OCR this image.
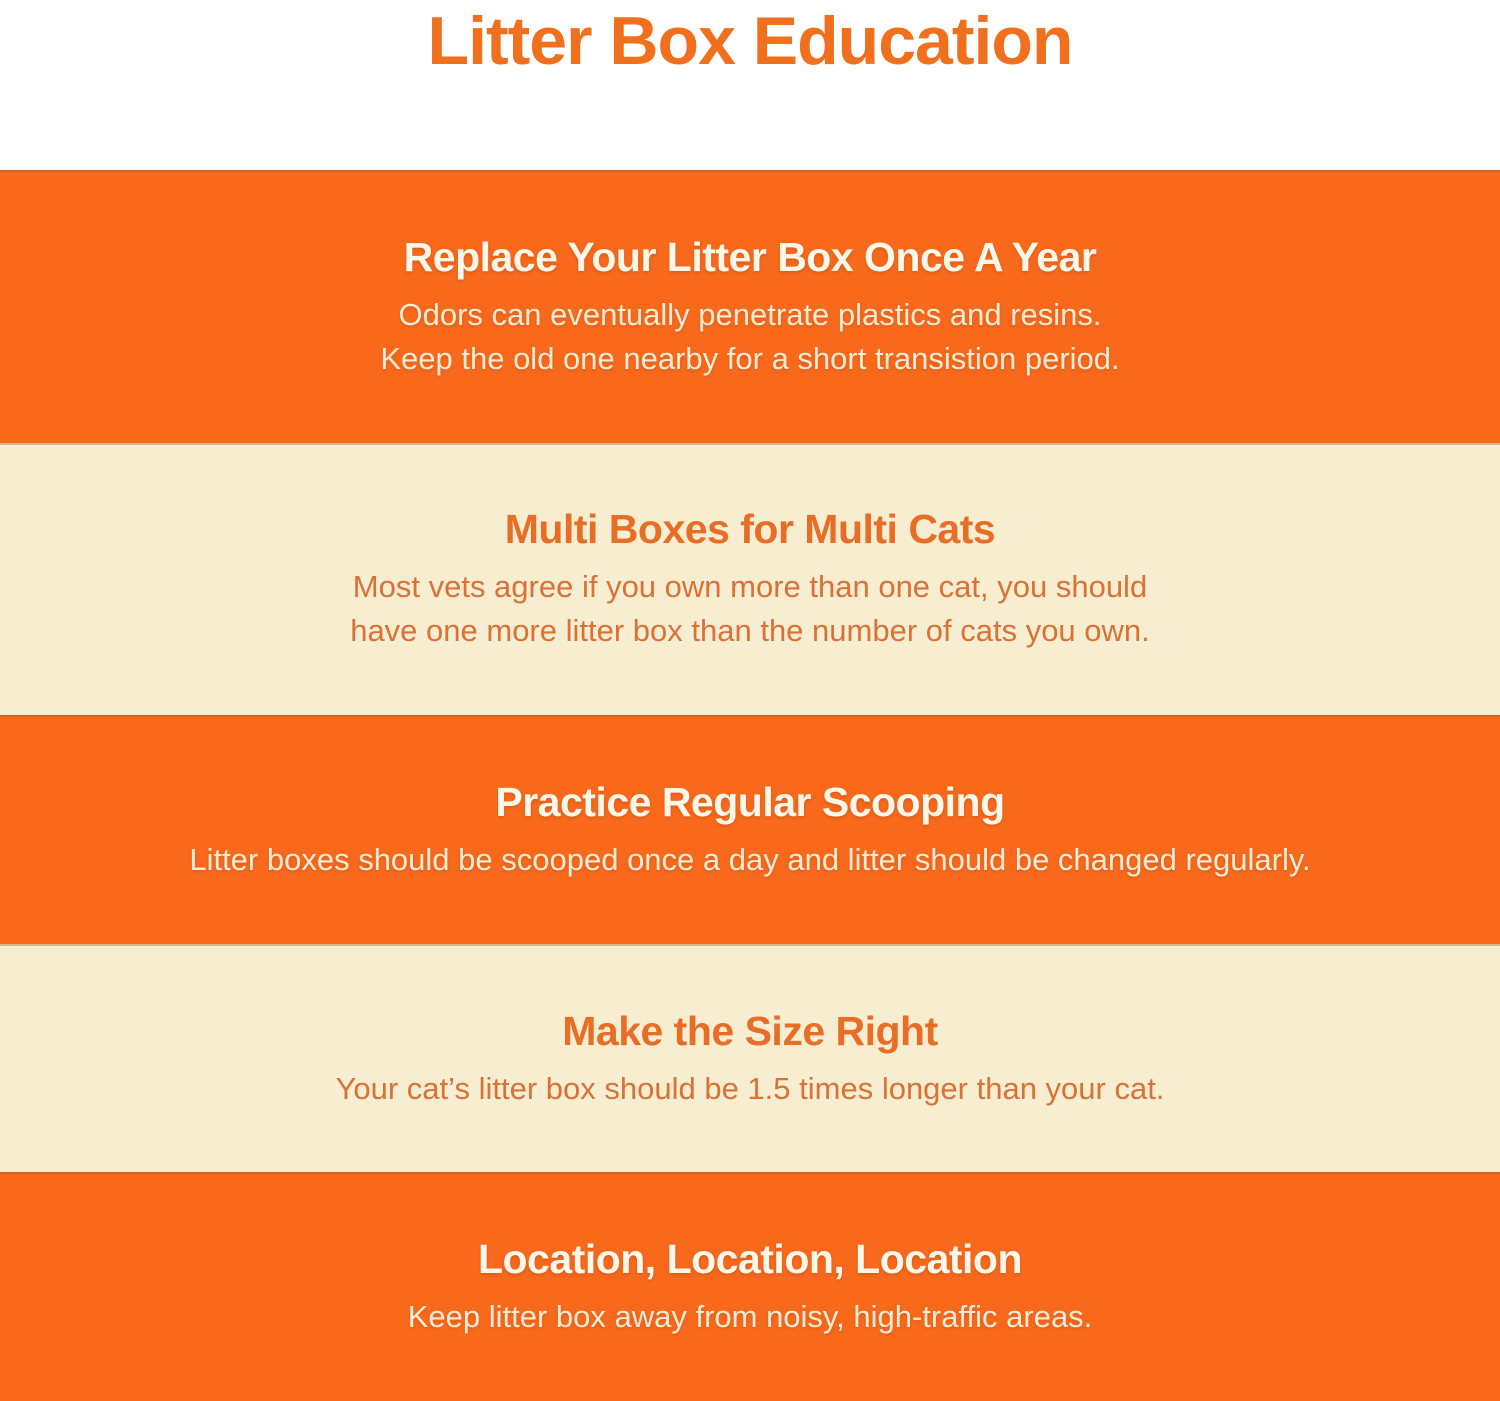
Litter Box Education
Replace Your Litter Box Once A Year

Odors can eventually penetrate plastics and resins.

Keep the old one nearby for a short transistion period.

Multi Boxes for Multi Cats

Most vets agree if you own more than one cat, you should

have one more litter box than the number of cats you own.

Practice Regular Scooping

Litter boxes should be scooped once a day and litter should be changed regularly.

Make the Size Right

Your cat’s litter box should be 1.5 times longer than your cat.

Location, Location, Location

Keep litter box away from noisy, high-traffic areas.
